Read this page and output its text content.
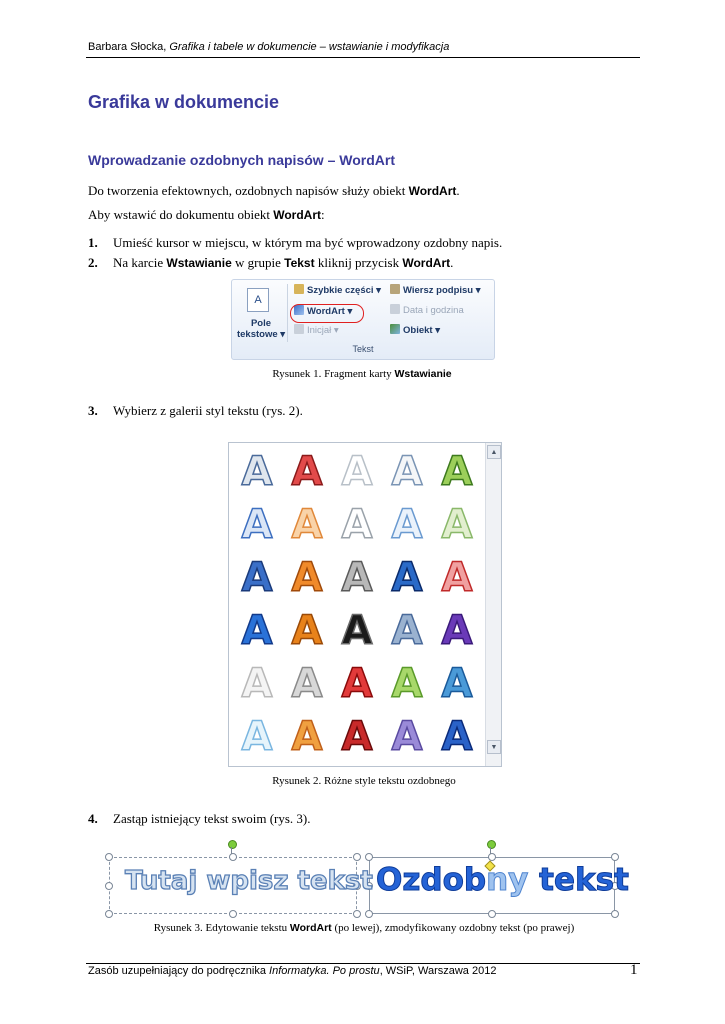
Barbara Słocka, Grafika i tabele w dokumencie – wstawianie i modyfikacja
Grafika w dokumencie
Wprowadzanie ozdobnych napisów – WordArt
Do tworzenia efektownych, ozdobnych napisów służy obiekt WordArt.
Aby wstawić do dokumentu obiekt WordArt:
1. Umieść kursor w miejscu, w którym ma być wprowadzony ozdobny napis.
2. Na karcie Wstawianie w grupie Tekst kliknij przycisk WordArt.
A
Pole
tekstowe ▾
Szybkie części ▾
WordArt ▾
Inicjał ▾
Wiersz podpisu ▾
Data i godzina
Obiekt ▾
Tekst
Rysunek 1. Fragment karty Wstawianie
3. Wybierz z galerii styl tekstu (rys. 2).
A A A A A
A A A A A
A A A A A
A A A A A
A A A A A
A A A A A
▲
▼
Rysunek 2. Różne style tekstu ozdobnego
4. Zastąp istniejący tekst swoim (rys. 3).
Tutaj wpisz tekst Ozdobny tekst
Rysunek 3. Edytowanie tekstu WordArt (po lewej), zmodyfikowany ozdobny tekst (po prawej)
Zasób uzupełniający do podręcznika Informatyka. Po prostu, WSiP, Warszawa 2012	1
